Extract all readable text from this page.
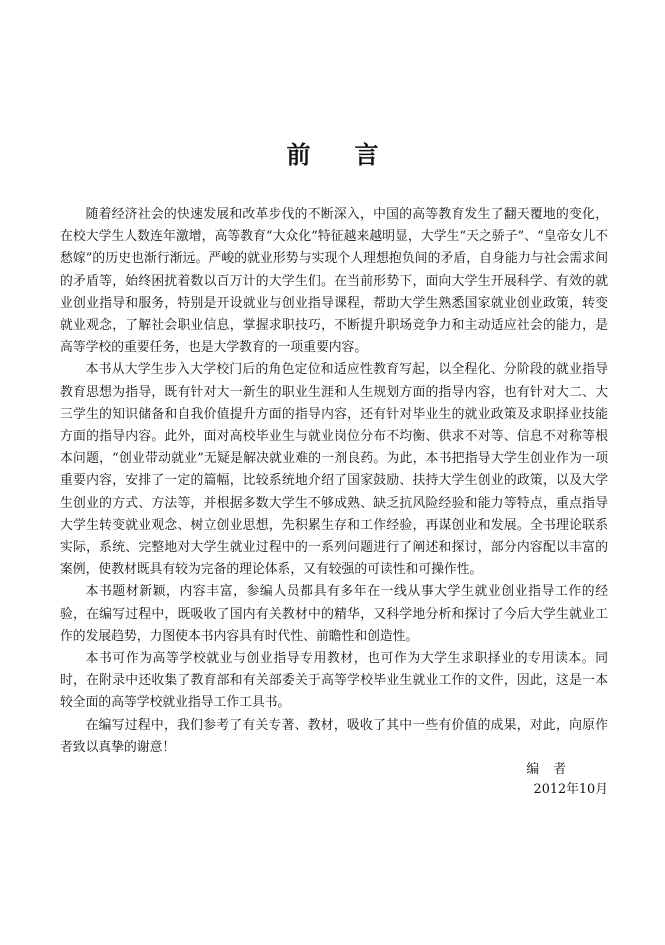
前言

随着经济社会的快速发展和改革步伐的不断深入，中国的高等教育发生了翻天覆地的变化，在校大学生人数连年激增，高等教育“大众化”特征越来越明显，大学生“天之骄子”、“皇帝女儿不愁嫁”的历史也渐行渐远。严峻的就业形势与实现个人理想抱负间的矛盾，自身能力与社会需求间的矛盾等，始终困扰着数以百万计的大学生们。在当前形势下，面向大学生开展科学、有效的就业创业指导和服务，特别是开设就业与创业指导课程，帮助大学生熟悉国家就业创业政策，转变就业观念，了解社会职业信息，掌握求职技巧，不断提升职场竞争力和主动适应社会的能力，是高等学校的重要任务，也是大学教育的一项重要内容。

本书从大学生步入大学校门后的角色定位和适应性教育写起，以全程化、分阶段的就业指导教育思想为指导，既有针对大一新生的职业生涯和人生规划方面的指导内容，也有针对大二、大三学生的知识储备和自我价值提升方面的指导内容，还有针对毕业生的就业政策及求职择业技能方面的指导内容。此外，面对高校毕业生与就业岗位分布不均衡、供求不对等、信息不对称等根本问题，“创业带动就业”无疑是解决就业难的一剂良药。为此，本书把指导大学生创业作为一项重要内容，安排了一定的篇幅，比较系统地介绍了国家鼓励、扶持大学生创业的政策，以及大学生创业的方式、方法等，并根据多数大学生不够成熟、缺乏抗风险经验和能力等特点，重点指导大学生转变就业观念、树立创业思想，先积累生存和工作经验，再谋创业和发展。全书理论联系实际，系统、完整地对大学生就业过程中的一系列问题进行了阐述和探讨，部分内容配以丰富的案例，使教材既具有较为完备的理论体系，又有较强的可读性和可操作性。

本书题材新颖，内容丰富，参编人员都具有多年在一线从事大学生就业创业指导工作的经验，在编写过程中，既吸收了国内有关教材中的精华，又科学地分析和探讨了今后大学生就业工作的发展趋势，力图使本书内容具有时代性、前瞻性和创造性。

本书可作为高等学校就业与创业指导专用教材，也可作为大学生求职择业的专用读本。同时，在附录中还收集了教育部和有关部委关于高等学校毕业生就业工作的文件，因此，这是一本较全面的高等学校就业指导工作工具书。

在编写过程中，我们参考了有关专著、教材，吸收了其中一些有价值的成果，对此，向原作者致以真挚的谢意！

编者
2012年10月
